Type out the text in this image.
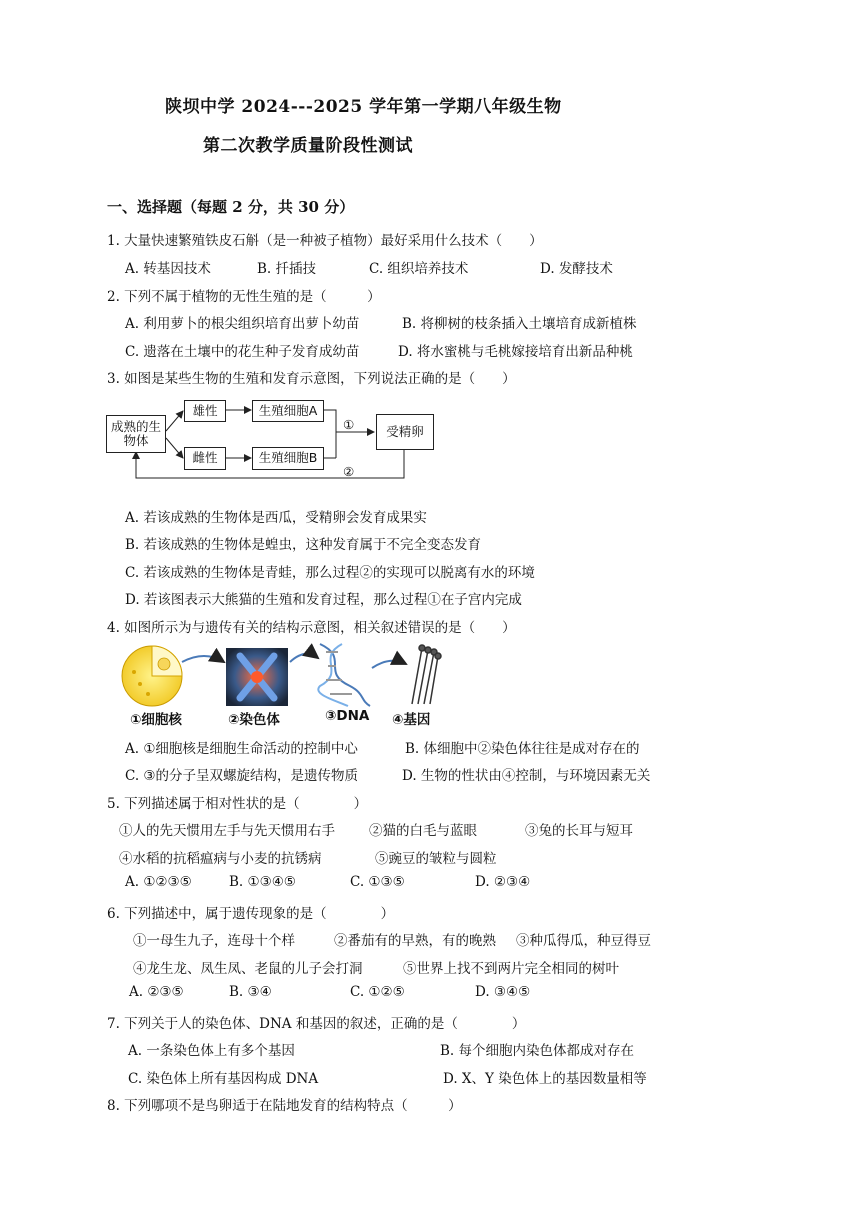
陕坝中学 2024---2025 学年第一学期八年级生物
第二次教学质量阶段性测试
一、选择题（每题 2 分，共 30 分）
1. 大量快速繁殖铁皮石斛（是一种被子植物）最好采用什么技术（　　）
A. 转基因技术	B. 扦插技	C. 组织培养技术	D. 发酵技术
2. 下列不属于植物的无性生殖的是（　　　）
A. 利用萝卜的根尖组织培育出萝卜幼苗	B. 将柳树的枝条插入土壤培育成新植株
C. 遗落在土壤中的花生种子发育成幼苗	D. 将水蜜桃与毛桃嫁接培育出新品种桃
3. 如图是某些生物的生殖和发育示意图，下列说法正确的是（　　）
成熟的生物体
雄性
雌性
生殖细胞A
生殖细胞B
受精卵
①
②
A. 若该成熟的生物体是西瓜，受精卵会发育成果实
B. 若该成熟的生物体是蝗虫，这种发育属于不完全变态发育
C. 若该成熟的生物体是青蛙，那么过程②的实现可以脱离有水的环境
D. 若该图表示大熊猫的生殖和发育过程，那么过程①在子宫内完成
4. 如图所示为与遗传有关的结构示意图，相关叙述错误的是（　　）
①细胞核	②染色体	③DNA ④基因
A. ①细胞核是细胞生命活动的控制中心	B. 体细胞中②染色体往往是成对存在的
C. ③的分子呈双螺旋结构，是遗传物质	D. 生物的性状由④控制，与环境因素无关
5. 下列描述属于相对性状的是（　　　　）
①人的先天惯用左手与先天惯用右手	②猫的白毛与蓝眼	③兔的长耳与短耳
④水稻的抗稻瘟病与小麦的抗锈病	⑤豌豆的皱粒与圆粒
A. ①②③⑤	B. ①③④⑤	C. ①③⑤	D. ②③④
6. 下列描述中，属于遗传现象的是（　　　　）
①一母生九子，连母十个样	②番茄有的早熟，有的晚熟 ③种瓜得瓜，种豆得豆
④龙生龙、凤生凤、老鼠的儿子会打洞	⑤世界上找不到两片完全相同的树叶
A. ②③⑤	B. ③④	C. ①②⑤	D. ③④⑤
7. 下列关于人的染色体、DNA 和基因的叙述，正确的是（　　　　）
A. 一条染色体上有多个基因	B. 每个细胞内染色体都成对存在
C. 染色体上所有基因构成 DNA	D. X、Y 染色体上的基因数量相等
8. 下列哪项不是鸟卵适于在陆地发育的结构特点（　　　）
